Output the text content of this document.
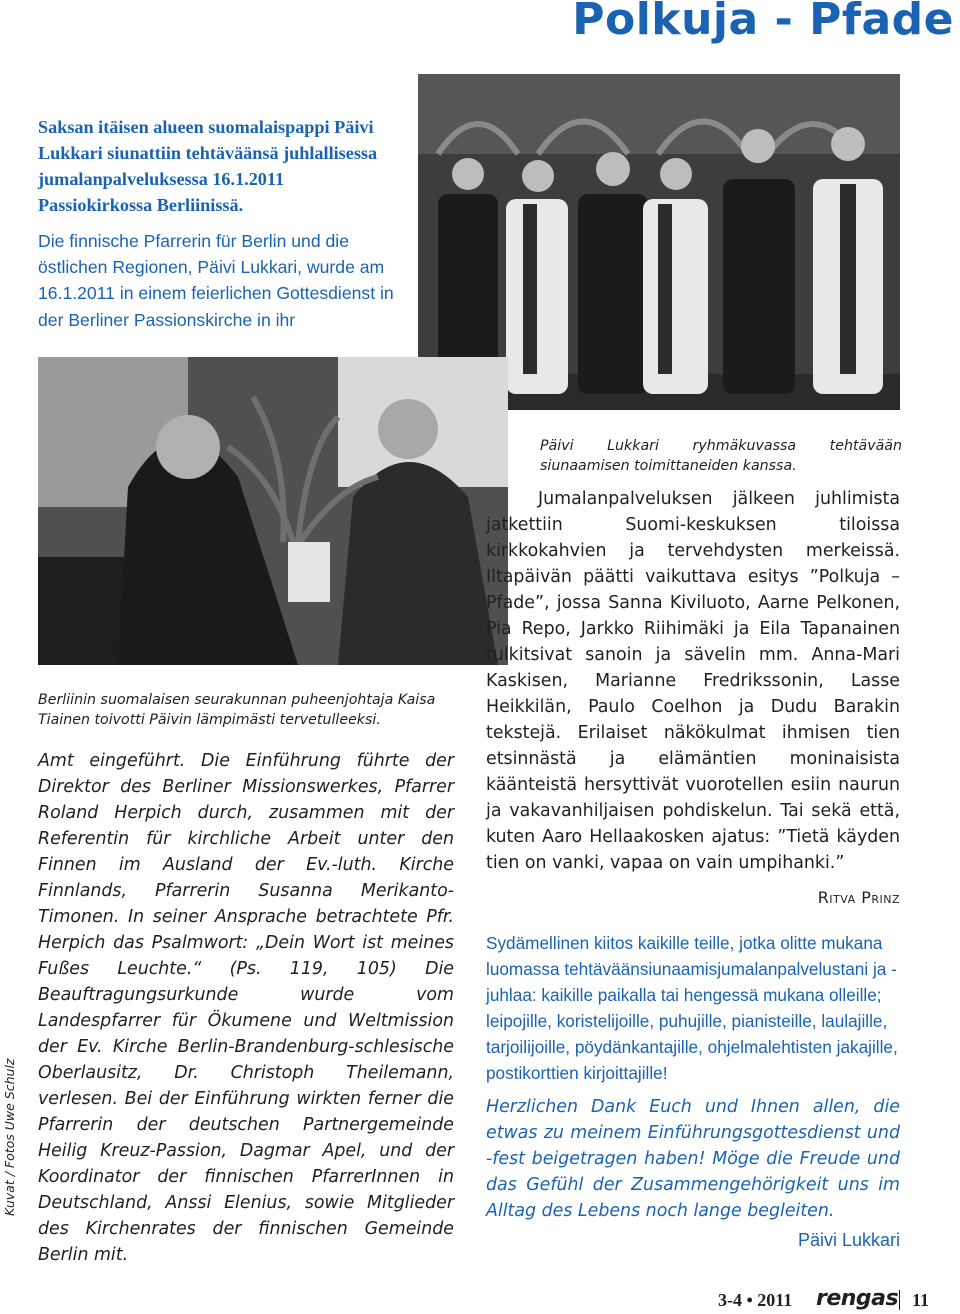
Polkuja - Pfade
Saksan itäisen alueen suomalaispappi Päivi Lukkari siunattiin tehtäväänsä juhlallisessa jumalanpalveluksessa 16.1.2011 Passiokirkossa Berliinissä.
Die finnische Pfarrerin für Berlin und die östlichen Regionen, Päivi Lukkari, wurde am 16.1.2011 in einem feierlichen Gottesdienst in der Berliner Passionskirche in ihr
Päivi Lukkari ryhmäkuvassa tehtävään siunaamisen toimittaneiden kanssa.
Berliinin suomalaisen seurakunnan puheenjohtaja Kaisa Tiainen toivotti Päivin lämpimästi tervetulleeksi.
Amt eingeführt. Die Einführung führte der Direktor des Berliner Missionswerkes, Pfarrer Roland Herpich durch, zusammen mit der Referentin für kirchliche Arbeit unter den Finnen im Ausland der Ev.-luth. Kirche Finnlands, Pfarrerin Susanna Merikanto-Timonen. In seiner Ansprache betrachtete Pfr. Herpich das Psalmwort: „Dein Wort ist meines Fußes Leuchte.“ (Ps. 119, 105) Die Beauftragungsurkunde wurde vom Landespfarrer für Ökumene und Weltmission der Ev. Kirche Berlin-Brandenburg-schlesische Oberlausitz, Dr. Christoph Theilemann, verlesen. Bei der Einführung wirkten ferner die Pfarrerin der deutschen Partnergemeinde Heilig Kreuz-Passion, Dagmar Apel, und der Koordinator der finnischen PfarrerInnen in Deutschland, Anssi Elenius, sowie Mitglieder des Kirchenrates der finnischen Gemeinde Berlin mit.
Jumalanpalveluksen jälkeen juhlimista jatkettiin Suomi-keskuksen tiloissa kirkkokahvien ja tervehdysten merkeissä. Iltapäivän päätti vaikuttava esitys ”Polkuja – Pfade”, jossa Sanna Kiviluoto, Aarne Pelkonen, Pia Repo, Jarkko Riihimäki ja Eila Tapanainen tulkitsivat sanoin ja sävelin mm. Anna-Mari Kaskisen, Marianne Fredrikssonin, Lasse Heikkilän, Paulo Coelhon ja Dudu Barakin tekstejä. Erilaiset näkökulmat ihmisen tien etsinnästä ja elämäntien moninaisista käänteistä hersyttivät vuorotellen esiin naurun ja vakavanhiljaisen pohdiskelun. Tai sekä että, kuten Aaro Hellaakosken ajatus: ”Tietä käyden tien on vanki, vapaa on vain umpihanki.”
Ritva Prinz
Sydämellinen kiitos kaikille teille, jotka olitte mukana luomassa tehtäväänsiunaamisjumalanpalvelustani ja -juhlaa: kaikille paikalla tai hengessä mukana olleille; leipojille, koristelijoille, puhujille, pianisteille, laulajille, tarjoilijoille, pöydänkantajille, ohjelmalehtisten jakajille, postikorttien kirjoittajille!
Herzlichen Dank Euch und Ihnen allen, die etwas zu meinem Einführungsgottesdienst und -fest beigetragen haben! Möge die Freude und das Gefühl der Zusammengehörigkeit uns im Alltag des Lebens noch lange begleiten.
Päivi Lukkari
Kuvat / Fotos Uwe Schulz
3-4 • 2011 rengas 11
